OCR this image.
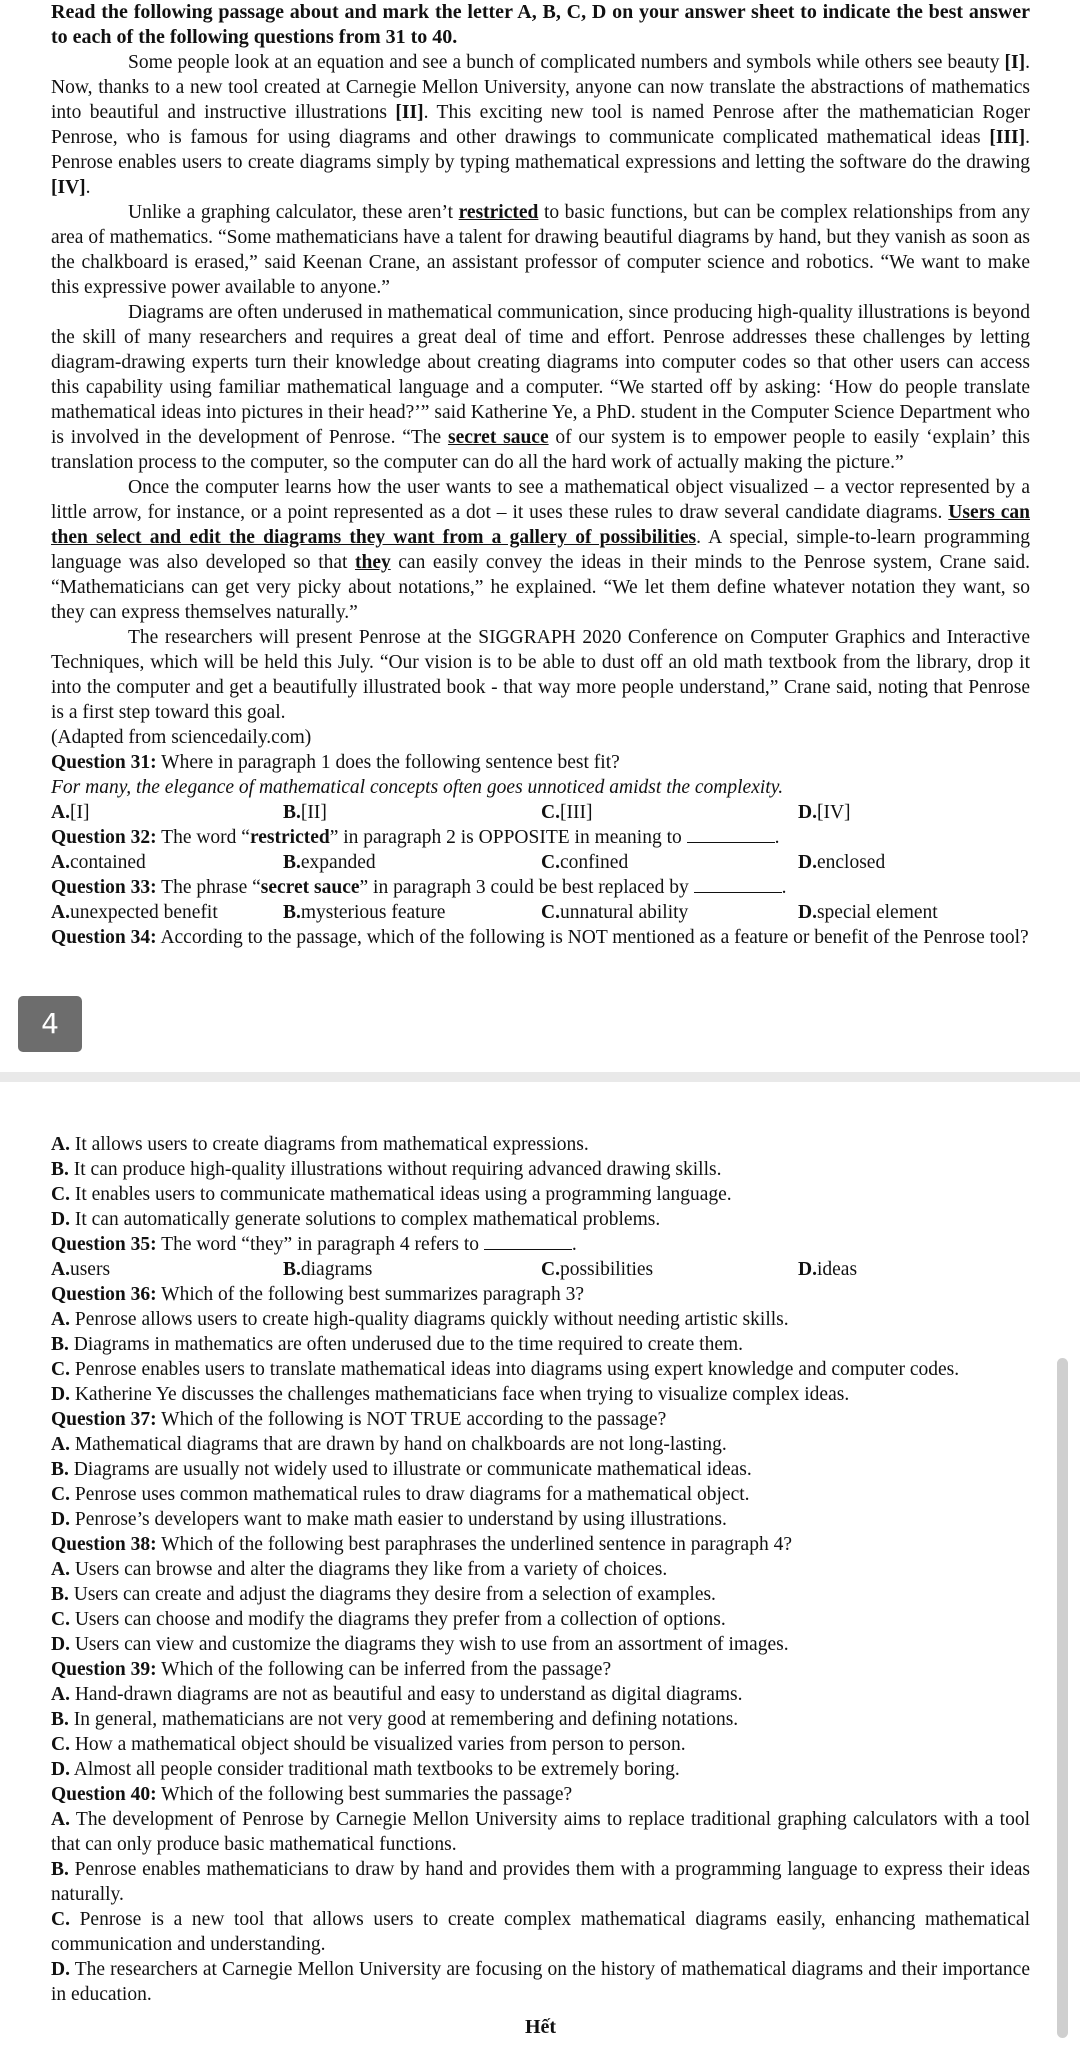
Read the following passage about and mark the letter A, B, C, D on your answer sheet to indicate the best answer to each of the following questions from 31 to 40.

Some people look at an equation and see a bunch of complicated numbers and symbols while others see beauty [I]. Now, thanks to a new tool created at Carnegie Mellon University, anyone can now translate the abstractions of mathematics into beautiful and instructive illustrations [II]. This exciting new tool is named Penrose after the mathematician Roger Penrose, who is famous for using diagrams and other drawings to communicate complicated mathematical ideas [III]. Penrose enables users to create diagrams simply by typing mathematical expressions and letting the software do the drawing [IV].

Unlike a graphing calculator, these aren’t restricted to basic functions, but can be complex relationships from any area of mathematics. “Some mathematicians have a talent for drawing beautiful diagrams by hand, but they vanish as soon as the chalkboard is erased,” said Keenan Crane, an assistant professor of computer science and robotics. “We want to make this expressive power available to anyone.”

Diagrams are often underused in mathematical communication, since producing high-quality illustrations is beyond the skill of many researchers and requires a great deal of time and effort. Penrose addresses these challenges by letting diagram-drawing experts turn their knowledge about creating diagrams into computer codes so that other users can access this capability using familiar mathematical language and a computer. “We started off by asking: ‘How do people translate mathematical ideas into pictures in their head?’” said Katherine Ye, a PhD. student in the Computer Science Department who is involved in the development of Penrose. “The secret sauce of our system is to empower people to easily ‘explain’ this translation process to the computer, so the computer can do all the hard work of actually making the picture.”

Once the computer learns how the user wants to see a mathematical object visualized – a vector represented by a little arrow, for instance, or a point represented as a dot – it uses these rules to draw several candidate diagrams. Users can then select and edit the diagrams they want from a gallery of possibilities. A special, simple-to-learn programming language was also developed so that they can easily convey the ideas in their minds to the Penrose system, Crane said. “Mathematicians can get very picky about notations,” he explained. “We let them define whatever notation they want, so they can express themselves naturally.”

The researchers will present Penrose at the SIGGRAPH 2020 Conference on Computer Graphics and Interactive Techniques, which will be held this July. “Our vision is to be able to dust off an old math textbook from the library, drop it into the computer and get a beautifully illustrated book - that way more people understand,” Crane said, noting that Penrose is a first step toward this goal.

(Adapted from sciencedaily.com)

Question 31: Where in paragraph 1 does the following sentence best fit?

For many, the elegance of mathematical concepts often goes unnoticed amidst the complexity.

A.[I]	B.[II]	C.[III]	D.[IV]

Question 32: The word “restricted” in paragraph 2 is OPPOSITE in meaning to	.

A.contained	B.expanded	C.confined	D.enclosed

Question 33: The phrase “secret sauce” in paragraph 3 could be best replaced by	.

A.unexpected benefit	B.mysterious feature	C.unnatural ability	D.special element

Question 34: According to the passage, which of the following is NOT mentioned as a feature or benefit of the Penrose tool?

4

A. It allows users to create diagrams from mathematical expressions.

B. It can produce high-quality illustrations without requiring advanced drawing skills.

C. It enables users to communicate mathematical ideas using a programming language.

D. It can automatically generate solutions to complex mathematical problems.

Question 35: The word “they” in paragraph 4 refers to	.

A.users	B.diagrams	C.possibilities	D.ideas

Question 36: Which of the following best summarizes paragraph 3?

A. Penrose allows users to create high-quality diagrams quickly without needing artistic skills.

B. Diagrams in mathematics are often underused due to the time required to create them.

C. Penrose enables users to translate mathematical ideas into diagrams using expert knowledge and computer codes.

D. Katherine Ye discusses the challenges mathematicians face when trying to visualize complex ideas.

Question 37: Which of the following is NOT TRUE according to the passage?

A. Mathematical diagrams that are drawn by hand on chalkboards are not long-lasting.

B. Diagrams are usually not widely used to illustrate or communicate mathematical ideas.

C. Penrose uses common mathematical rules to draw diagrams for a mathematical object.

D. Penrose’s developers want to make math easier to understand by using illustrations.

Question 38: Which of the following best paraphrases the underlined sentence in paragraph 4?

A. Users can browse and alter the diagrams they like from a variety of choices.

B. Users can create and adjust the diagrams they desire from a selection of examples.

C. Users can choose and modify the diagrams they prefer from a collection of options.

D. Users can view and customize the diagrams they wish to use from an assortment of images.

Question 39: Which of the following can be inferred from the passage?

A. Hand-drawn diagrams are not as beautiful and easy to understand as digital diagrams.

B. In general, mathematicians are not very good at remembering and defining notations.

C. How a mathematical object should be visualized varies from person to person.

D. Almost all people consider traditional math textbooks to be extremely boring.

Question 40: Which of the following best summaries the passage?

A. The development of Penrose by Carnegie Mellon University aims to replace traditional graphing calculators with a tool that can only produce basic mathematical functions.

B. Penrose enables mathematicians to draw by hand and provides them with a programming language to express their ideas naturally.

C. Penrose is a new tool that allows users to create complex mathematical diagrams easily, enhancing mathematical communication and understanding.

D. The researchers at Carnegie Mellon University are focusing on the history of mathematical diagrams and their importance in education.

Hết
